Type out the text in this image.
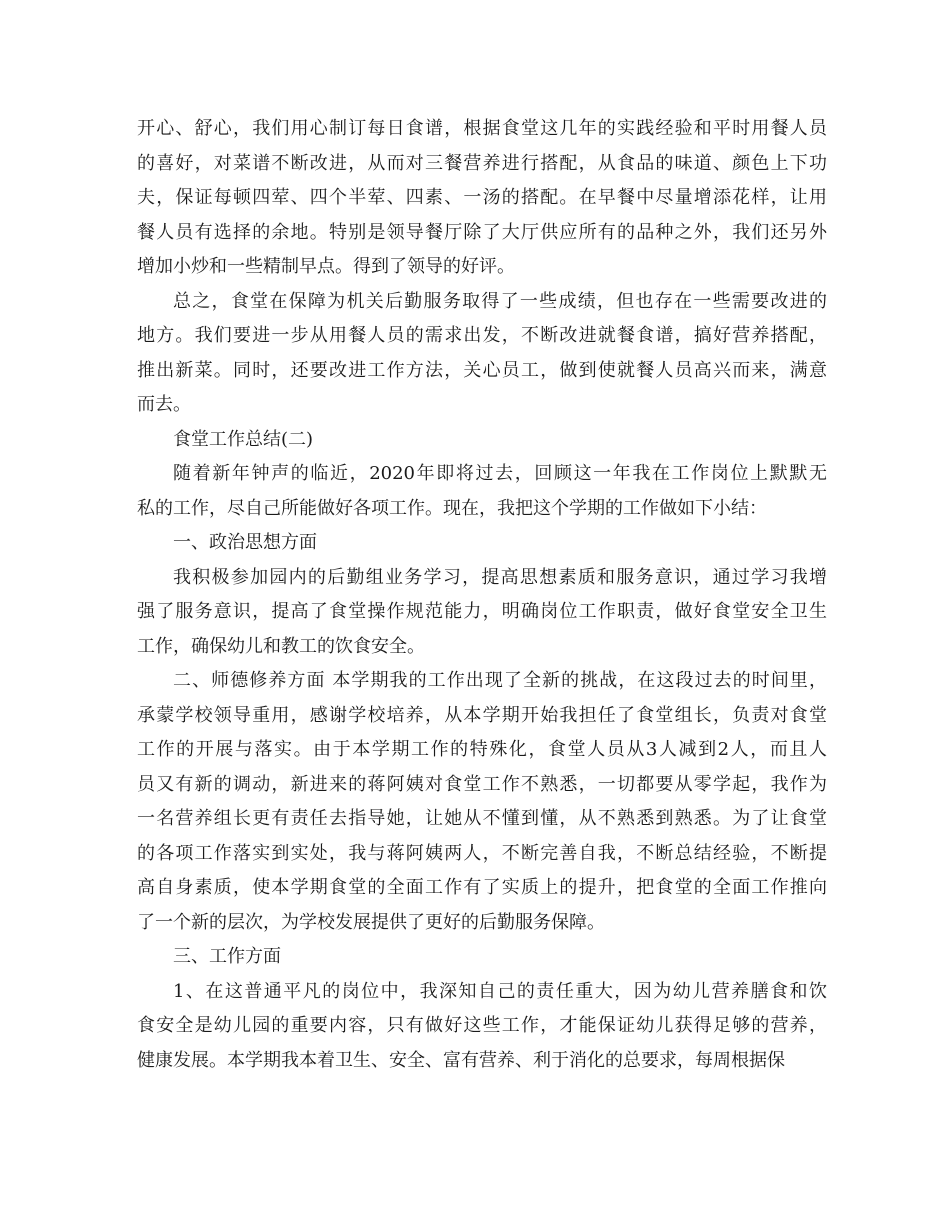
开心、舒心，我们用心制订每日食谱，根据食堂这几年的实践经验和平时用餐人员
的喜好，对菜谱不断改进，从而对三餐营养进行搭配，从食品的味道、颜色上下功
夫，保证每顿四荤、四个半荤、四素、一汤的搭配。在早餐中尽量增添花样，让用
餐人员有选择的余地。特别是领导餐厅除了大厅供应所有的品种之外，我们还另外
增加小炒和一些精制早点。得到了领导的好评。
总之，食堂在保障为机关后勤服务取得了一些成绩，但也存在一些需要改进的
地方。我们要进一步从用餐人员的需求出发，不断改进就餐食谱，搞好营养搭配，
推出新菜。同时，还要改进工作方法，关心员工，做到使就餐人员高兴而来，满意
而去。
食堂工作总结(二)
随着新年钟声的临近，2020年即将过去，回顾这一年我在工作岗位上默默无
私的工作，尽自己所能做好各项工作。现在，我把这个学期的工作做如下小结：
一、政治思想方面
我积极参加园内的后勤组业务学习，提高思想素质和服务意识，通过学习我增
强了服务意识，提高了食堂操作规范能力，明确岗位工作职责，做好食堂安全卫生
工作，确保幼儿和教工的饮食安全。
二、师德修养方面 本学期我的工作出现了全新的挑战，在这段过去的时间里，
承蒙学校领导重用，感谢学校培养，从本学期开始我担任了食堂组长，负责对食堂
工作的开展与落实。由于本学期工作的特殊化，食堂人员从3人减到2人，而且人
员又有新的调动，新进来的蒋阿姨对食堂工作不熟悉，一切都要从零学起，我作为
一名营养组长更有责任去指导她，让她从不懂到懂，从不熟悉到熟悉。为了让食堂
的各项工作落实到实处，我与蒋阿姨两人，不断完善自我，不断总结经验，不断提
高自身素质，使本学期食堂的全面工作有了实质上的提升，把食堂的全面工作推向
了一个新的层次，为学校发展提供了更好的后勤服务保障。
三、工作方面
1、在这普通平凡的岗位中，我深知自己的责任重大，因为幼儿营养膳食和饮
食安全是幼儿园的重要内容，只有做好这些工作，才能保证幼儿获得足够的营养，
健康发展。本学期我本着卫生、安全、富有营养、利于消化的总要求，每周根据保
